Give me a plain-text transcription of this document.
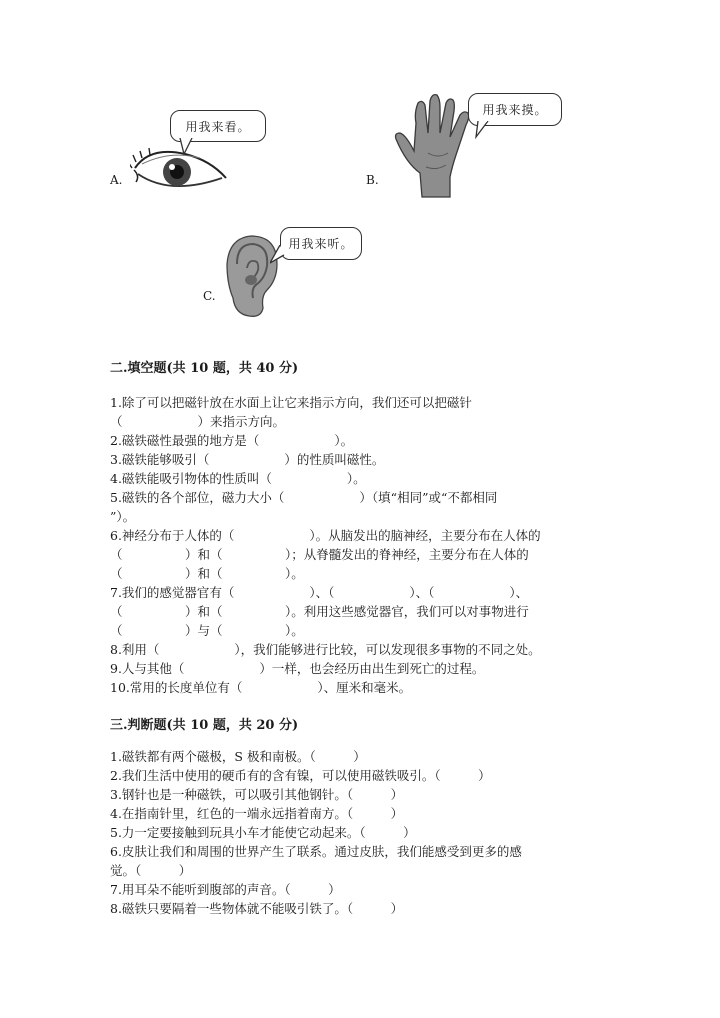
A.
用我来看。
B.
用我来摸。
C.
用我来听。
二.填空题(共 10 题，共 40 分)
1.除了可以把磁针放在水面上让它来指示方向，我们还可以把磁针
（　　　　　　）来指示方向。
2.磁铁磁性最强的地方是（　　　　　　）。
3.磁铁能够吸引（　　　　　　）的性质叫磁性。
4.磁铁能吸引物体的性质叫（　　　　　　）。
5.磁铁的各个部位，磁力大小（　　　　　　）（填“相同”或“不都相同
”）。
6.神经分布于人体的（　　　　　　）。从脑发出的脑神经，主要分布在人体的
（　　　　　）和（　　　　　）；从脊髓发出的脊神经，主要分布在人体的
（　　　　　）和（　　　　　）。
7.我们的感觉器官有（　　　　　　）、（　　　　　　）、（　　　　　　）、
（　　　　　）和（　　　　　）。利用这些感觉器官，我们可以对事物进行
（　　　　　）与（　　　　　）。
8.利用（　　　　　　），我们能够进行比较，可以发现很多事物的不同之处。
9.人与其他（　　　　　　）一样，也会经历由出生到死亡的过程。
10.常用的长度单位有（　　　　　　）、厘米和毫米。
三.判断题(共 10 题，共 20 分)
1.磁铁都有两个磁极，S 极和南极。（　　　）
2.我们生活中使用的硬币有的含有镍，可以使用磁铁吸引。（　　　）
3.钢针也是一种磁铁，可以吸引其他钢针。（　　　）
4.在指南针里，红色的一端永远指着南方。（　　　）
5.力一定要接触到玩具小车才能使它动起来。（　　　）
6.皮肤让我们和周围的世界产生了联系。通过皮肤，我们能感受到更多的感
觉。（　　　）
7.用耳朵不能听到腹部的声音。（　　　）
8.磁铁只要隔着一些物体就不能吸引铁了。（　　　）
